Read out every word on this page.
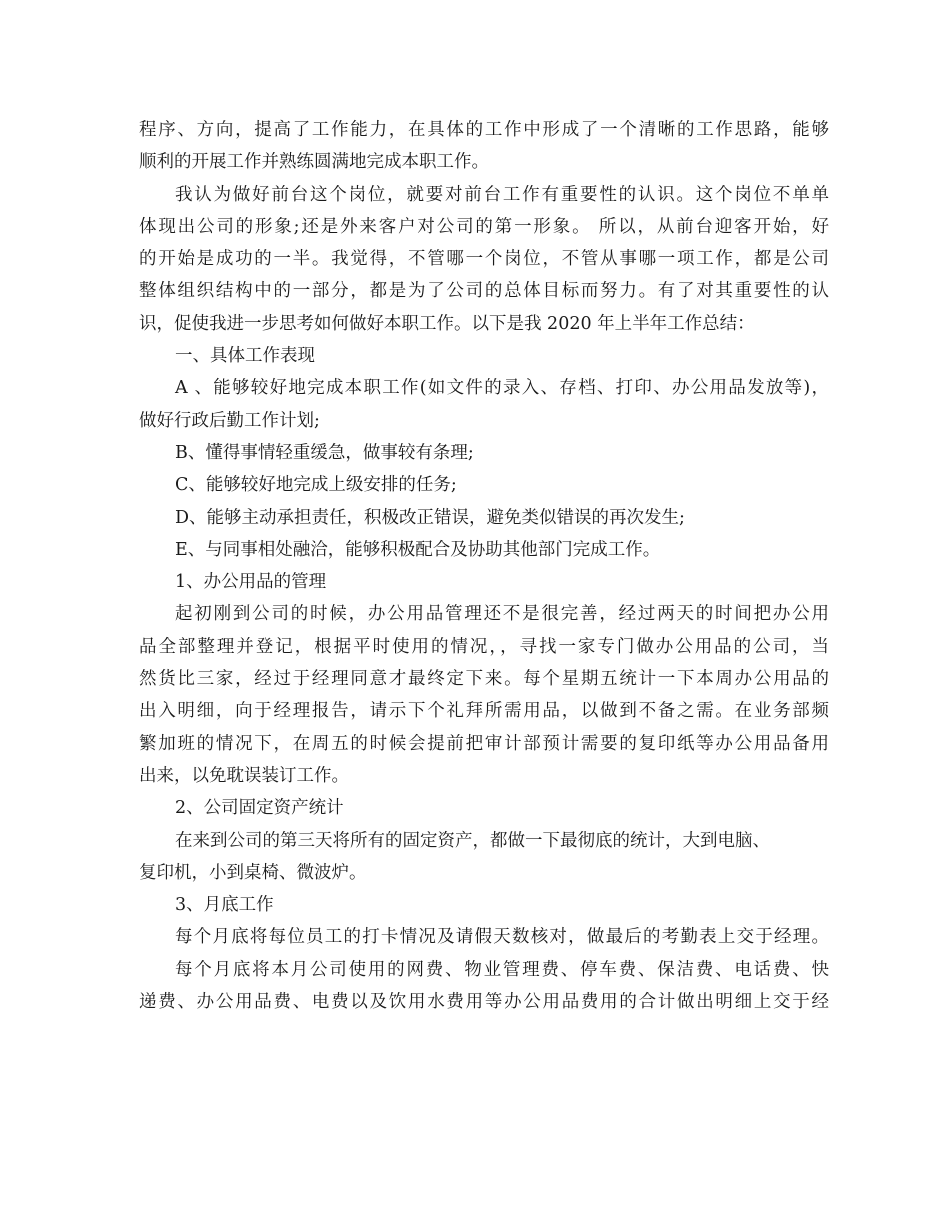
程序、方向，提高了工作能力，在具体的工作中形成了一个清晰的工作思路，能够
顺利的开展工作并熟练圆满地完成本职工作。
我认为做好前台这个岗位，就要对前台工作有重要性的认识。这个岗位不单单
体现出公司的形象;还是外来客户对公司的第一形象。 所以，从前台迎客开始，好
的开始是成功的一半。我觉得，不管哪一个岗位，不管从事哪一项工作，都是公司
整体组织结构中的一部分，都是为了公司的总体目标而努力。有了对其重要性的认
识，促使我进一步思考如何做好本职工作。以下是我 2020 年上半年工作总结：
一、具体工作表现
A 、能够较好地完成本职工作(如文件的录入、存档、打印、办公用品发放等)，
做好行政后勤工作计划;
B、懂得事情轻重缓急，做事较有条理;
C、能够较好地完成上级安排的任务;
D、能够主动承担责任，积极改正错误，避免类似错误的再次发生;
E、与同事相处融洽，能够积极配合及协助其他部门完成工作。
1、办公用品的管理
起初刚到公司的时候，办公用品管理还不是很完善，经过两天的时间把办公用
品全部整理并登记，根据平时使用的情况，，寻找一家专门做办公用品的公司，当
然货比三家，经过于经理同意才最终定下来。每个星期五统计一下本周办公用品的
出入明细，向于经理报告，请示下个礼拜所需用品，以做到不备之需。在业务部频
繁加班的情况下，在周五的时候会提前把审计部预计需要的复印纸等办公用品备用
出来，以免耽误装订工作。
2、公司固定资产统计
在来到公司的第三天将所有的固定资产，都做一下最彻底的统计，大到电脑、
复印机，小到桌椅、微波炉。
3、月底工作
每个月底将每位员工的打卡情况及请假天数核对，做最后的考勤表上交于经理。
每个月底将本月公司使用的网费、物业管理费、停车费、保洁费、电话费、快
递费、办公用品费、电费以及饮用水费用等办公用品费用的合计做出明细上交于经
